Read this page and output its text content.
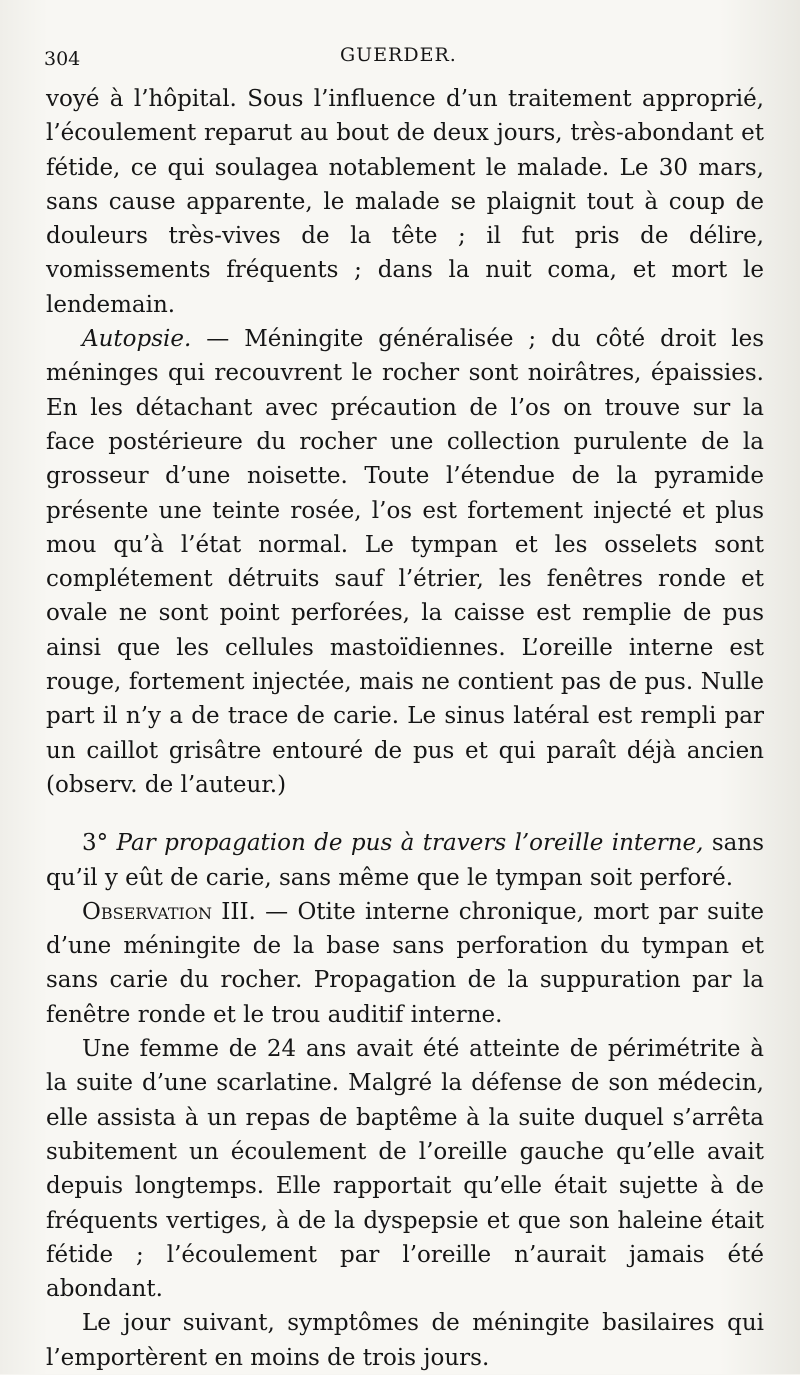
304	GUERDER.

voyé à l’hôpital. Sous l’influence d’un traitement approprié, l’écoulement reparut au bout de deux jours, très-abondant et fétide, ce qui soulagea notablement le malade. Le 30 mars, sans cause apparente, le malade se plaignit tout à coup de douleurs très-vives de la tête ; il fut pris de délire, vomissements fréquents ; dans la nuit coma, et mort le lendemain.

Autopsie. — Méningite généralisée ; du côté droit les méninges qui recouvrent le rocher sont noirâtres, épaissies. En les détachant avec précaution de l’os on trouve sur la face postérieure du rocher une collection purulente de la grosseur d’une noisette. Toute l’étendue de la pyramide présente une teinte rosée, l’os est fortement injecté et plus mou qu’à l’état normal. Le tympan et les osselets sont complétement détruits sauf l’étrier, les fenêtres ronde et ovale ne sont point perforées, la caisse est remplie de pus ainsi que les cellules mastoïdiennes. L’oreille interne est rouge, fortement injectée, mais ne contient pas de pus. Nulle part il n’y a de trace de carie. Le sinus latéral est rempli par un caillot grisâtre entouré de pus et qui paraît déjà ancien (observ. de l’auteur.)

3° Par propagation de pus à travers l’oreille interne, sans qu’il y eût de carie, sans même que le tympan soit perforé.

Observation III. — Otite interne chronique, mort par suite d’une méningite de la base sans perforation du tympan et sans carie du rocher. Propagation de la suppuration par la fenêtre ronde et le trou auditif interne.

Une femme de 24 ans avait été atteinte de périmétrite à la suite d’une scarlatine. Malgré la défense de son médecin, elle assista à un repas de baptême à la suite duquel s’arrêta subitement un écoulement de l’oreille gauche qu’elle avait depuis longtemps. Elle rapportait qu’elle était sujette à de fréquents vertiges, à de la dyspepsie et que son haleine était fétide ; l’écoulement par l’oreille n’aurait jamais été abondant.

Le jour suivant, symptômes de méningite basilaires qui l’emportèrent en moins de trois jours.
